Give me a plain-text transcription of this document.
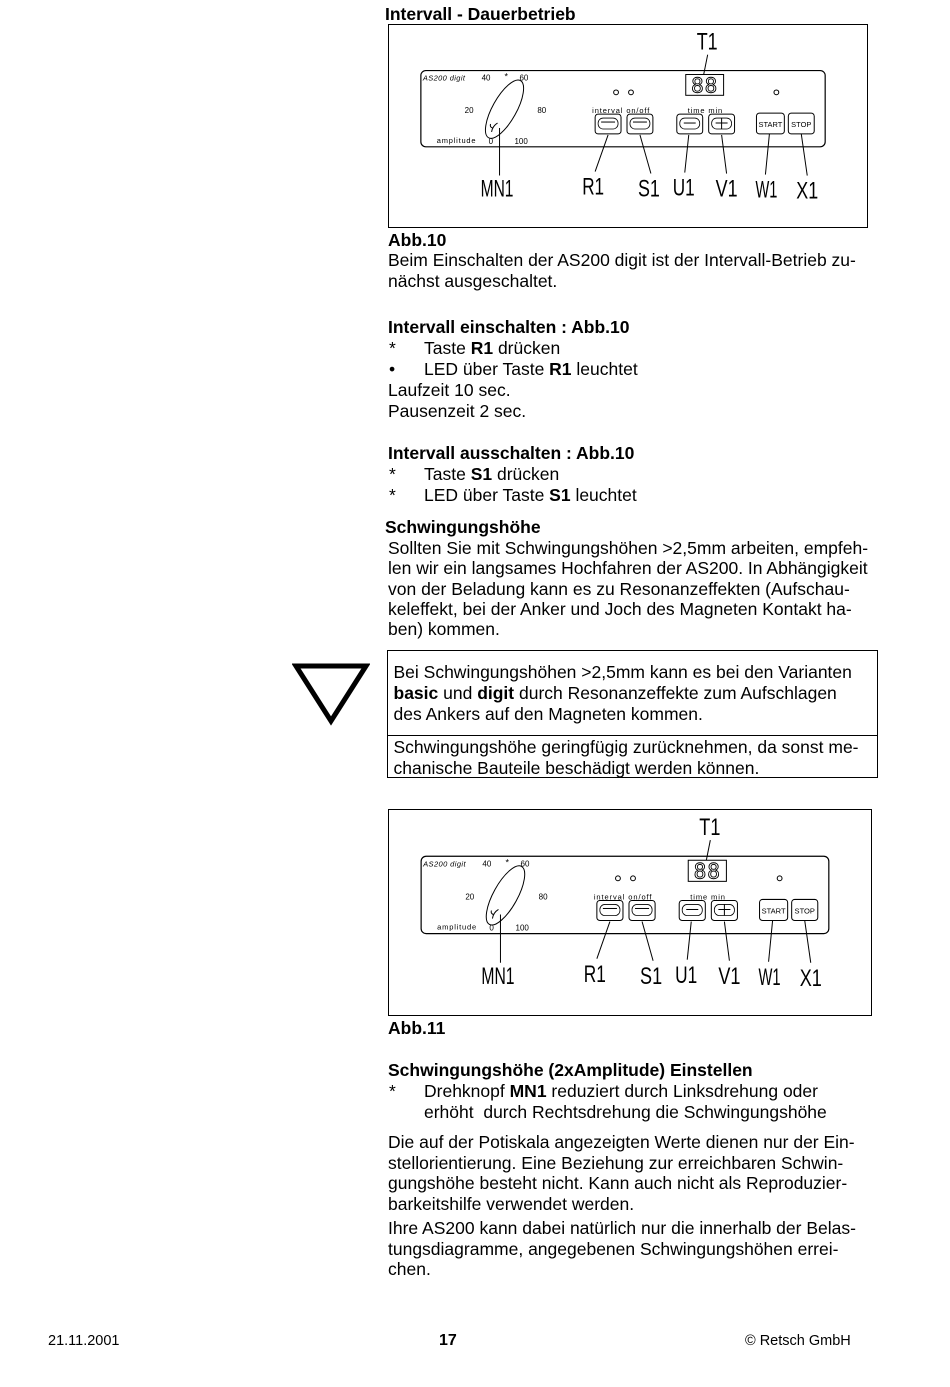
Intervall - Dauerbetrieb
AS200 digit 40 * 60
20	80
0	100
amplitude
88
interval on/off	time min
START STOP
T1
MN1	R1 S1 U1 V1 W1 X1
Abb.10
Beim Einschalten der AS200 digit ist der Intervall-Betrieb zu-
nächst ausgeschaltet.
Intervall einschalten : Abb.10

*

Taste R1 drücken

•

LED über Taste R1 leuchtet

Laufzeit 10 sec.
Pausenzeit 2 sec.
Intervall ausschalten : Abb.10

*

Taste S1 drücken

*

LED über Taste S1 leuchtet

Schwingungshöhe
Sollten Sie mit Schwingungshöhen >2,5mm arbeiten, empfeh-
len wir ein langsames Hochfahren der AS200. In Abhängigkeit
von der Beladung kann es zu Resonanzeffekten (Aufschau-
keleffekt, bei der Anker und Joch des Magneten Kontakt ha-
ben) kommen.
Bei Schwingungshöhen >2,5mm kann es bei den Varianten
basic und digit durch Resonanzeffekte zum Aufschlagen
des Ankers auf den Magneten kommen.
Schwingungshöhe geringfügig zurücknehmen, da sonst me-
chanische Bauteile beschädigt werden können.
AS200 digit 40 * 60
20	80
0	100
amplitude
88
interval on/off	time min
START STOP
T1
MN1	R1 S1 U1 V1 W1 X1
Abb.11
Schwingungshöhe (2xAmplitude) Einstellen

*

Drehknopf MN1 reduziert durch Linksdrehung oder

erhöht  durch Rechtsdrehung die Schwingungshöhe
Die auf der Potiskala angezeigten Werte dienen nur der Ein-
stellorientierung. Eine Beziehung zur erreichbaren Schwin-
gungshöhe besteht nicht. Kann auch nicht als Reproduzier-
barkeitshilfe verwendet werden.
Ihre AS200 kann dabei natürlich nur die innerhalb der Belas-
tungsdiagramme, angegebenen Schwingungshöhen errei-
chen.
21.11.2001	17	© Retsch GmbH
